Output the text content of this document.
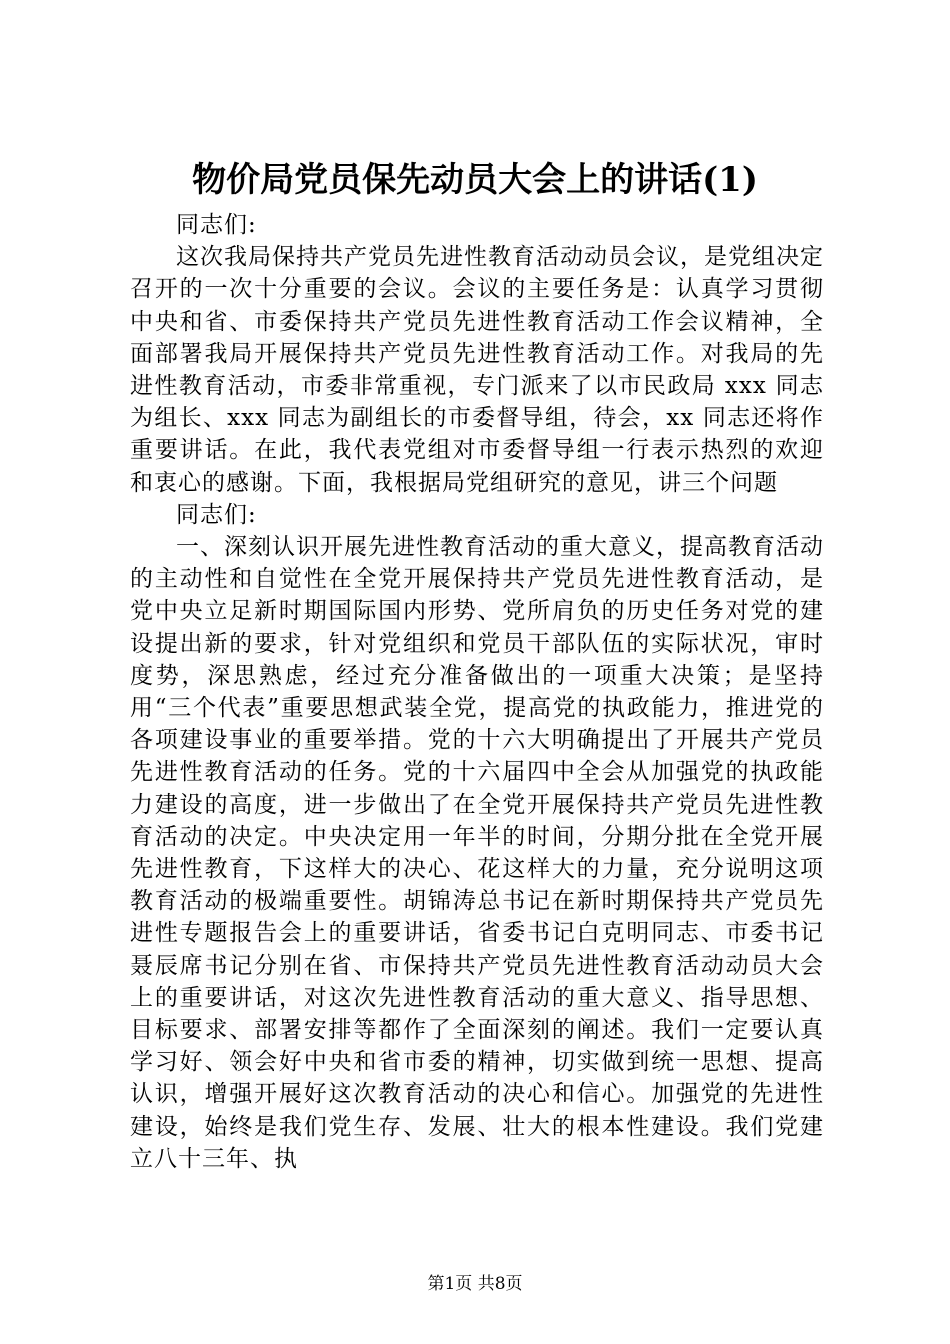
物价局党员保先动员大会上的讲话(1)

同志们:

这次我局保持共产党员先进性教育活动动员会议，是党组决定召开的一次十分重要的会议。会议的主要任务是：认真学习贯彻中央和省、市委保持共产党员先进性教育活动工作会议精神，全面部署我局开展保持共产党员先进性教育活动工作。对我局的先进性教育活动，市委非常重视，专门派来了以市民政局 xxx 同志为组长、xxx 同志为副组长的市委督导组，待会，xx 同志还将作重要讲话。在此，我代表党组对市委督导组一行表示热烈的欢迎和衷心的感谢。下面，我根据局党组研究的意见，讲三个问题

同志们:

一、深刻认识开展先进性教育活动的重大意义，提高教育活动的主动性和自觉性在全党开展保持共产党员先进性教育活动，是党中央立足新时期国际国内形势、党所肩负的历史任务对党的建设提出新的要求，针对党组织和党员干部队伍的实际状况，审时度势，深思熟虑，经过充分准备做出的一项重大决策；是坚持用“三个代表”重要思想武装全党，提高党的执政能力，推进党的各项建设事业的重要举措。党的十六大明确提出了开展共产党员先进性教育活动的任务。党的十六届四中全会从加强党的执政能力建设的高度，进一步做出了在全党开展保持共产党员先进性教育活动的决定。中央决定用一年半的时间，分期分批在全党开展先进性教育，下这样大的决心、花这样大的力量，充分说明这项教育活动的极端重要性。胡锦涛总书记在新时期保持共产党员先进性专题报告会上的重要讲话，省委书记白克明同志、市委书记聂辰席书记分别在省、市保持共产党员先进性教育活动动员大会上的重要讲话，对这次先进性教育活动的重大意义、指导思想、目标要求、部署安排等都作了全面深刻的阐述。我们一定要认真学习好、领会好中央和省市委的精神，切实做到统一思想、提高认识，增强开展好这次教育活动的决心和信心。加强党的先进性建设，始终是我们党生存、发展、壮大的根本性建设。我们党建立八十三年、执

第1页 共8页
